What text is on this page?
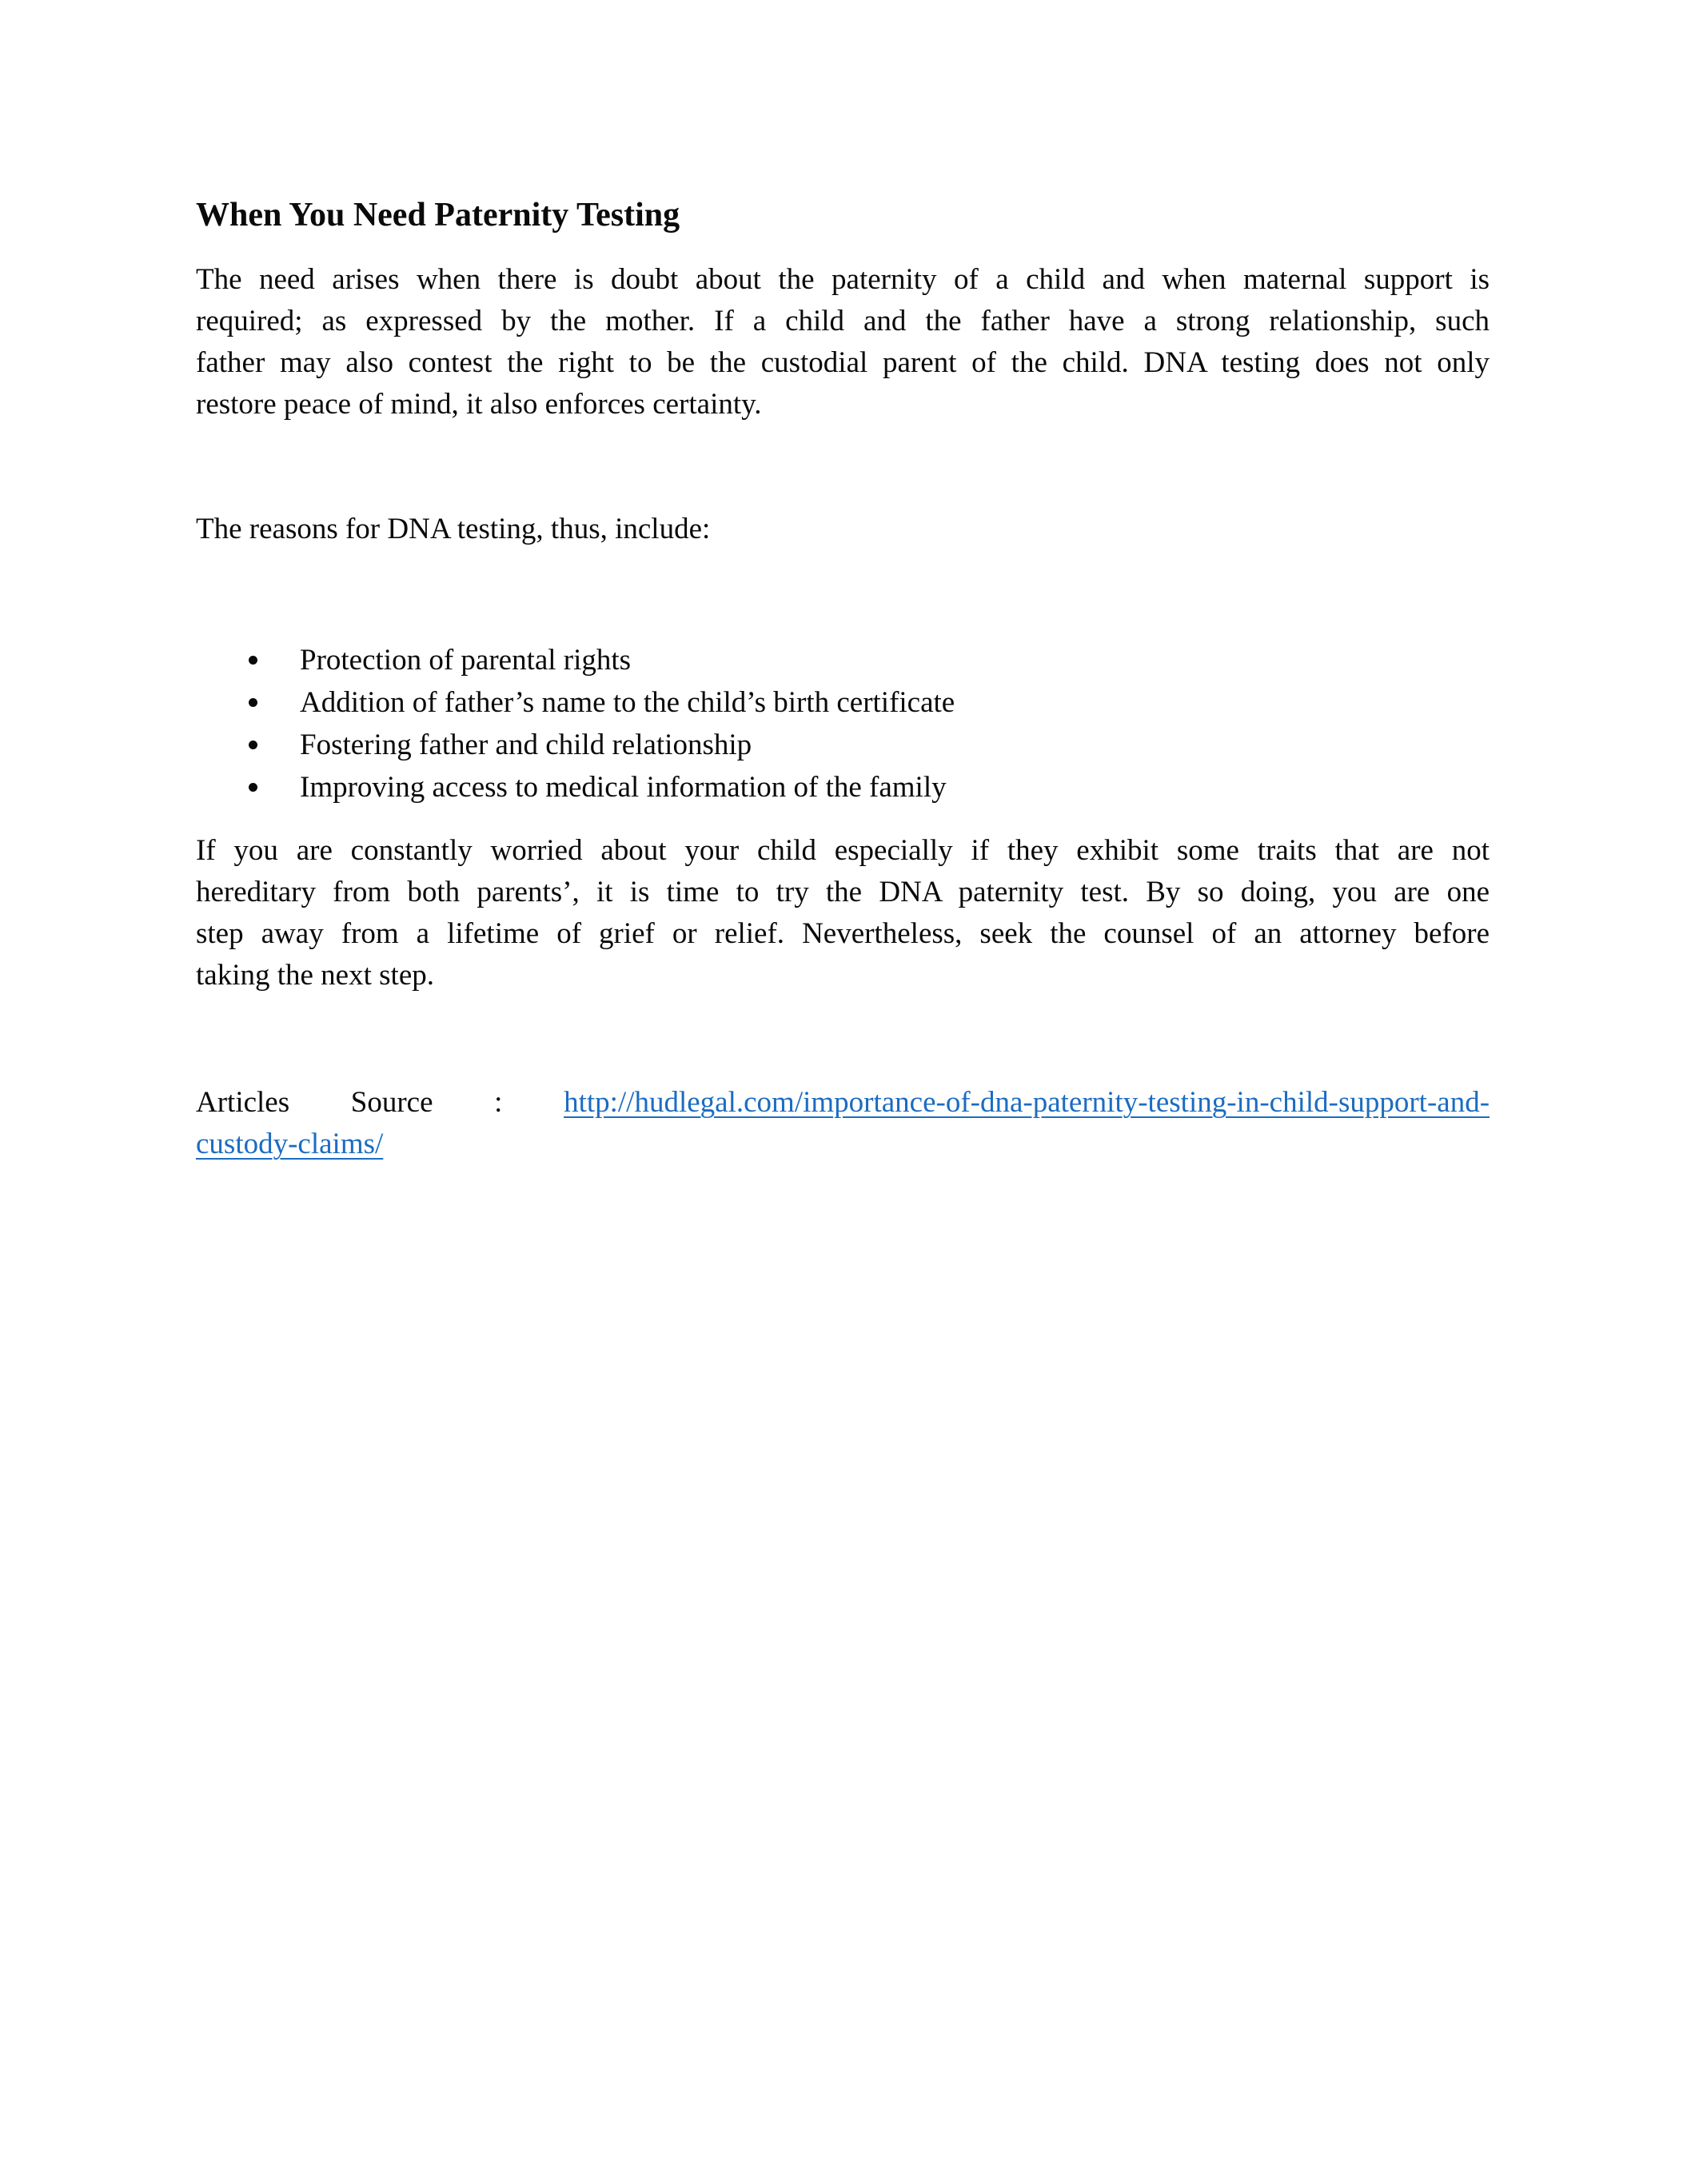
When You Need Paternity Testing
The need arises when there is doubt about the paternity of a child and when maternal support is
required; as expressed by the mother. If a child and the father have a strong relationship, such
father may also contest the right to be the custodial parent of the child. DNA testing does not only
restore peace of mind, it also enforces certainty.
The reasons for DNA testing, thus, include:
Protection of parental rights
Addition of father’s name to the child’s birth certificate
Fostering father and child relationship
Improving access to medical information of the family
If you are constantly worried about your child especially if they exhibit some traits that are not
hereditary from both parents’, it is time to try the DNA paternity test. By so doing, you are one
step away from a lifetime of grief or relief. Nevertheless, seek the counsel of an attorney before
taking the next step.
Articles Source : http://hudlegal.com/importance-of-dna-paternity-testing-in-child-support-and-
custody-claims/
